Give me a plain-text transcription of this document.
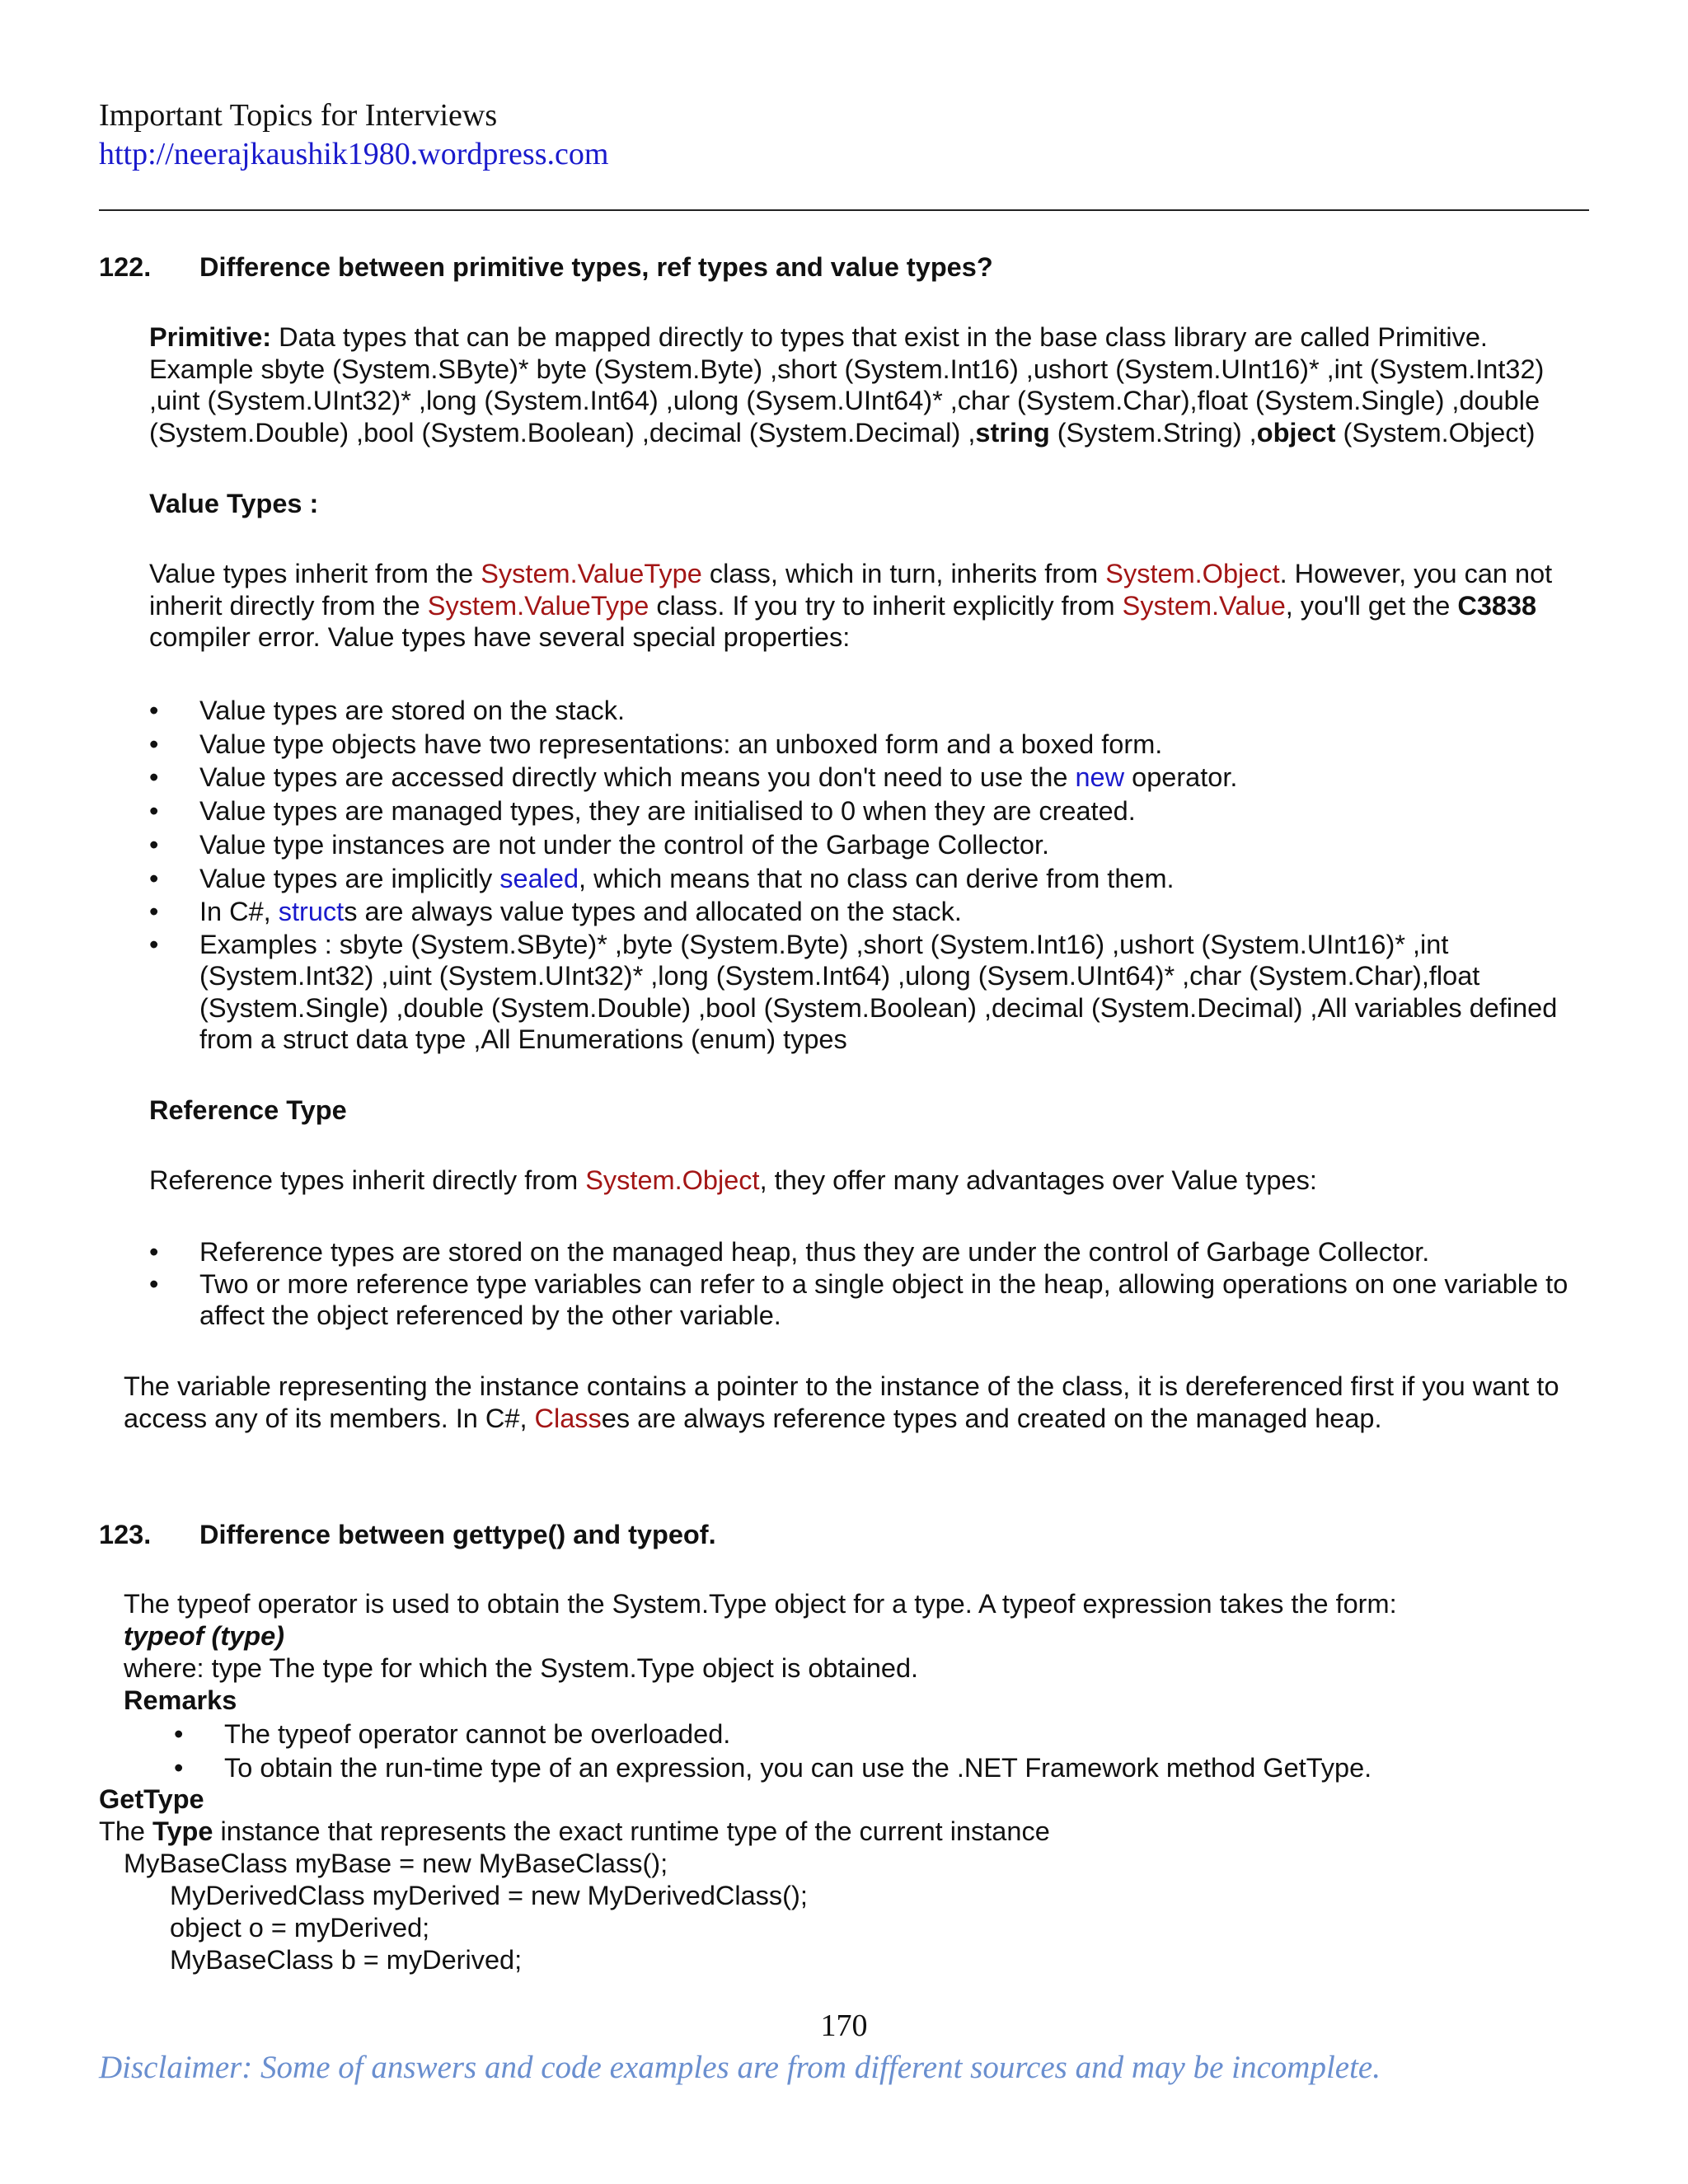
Important Topics for Interviews
http://neerajkaushik1980.wordpress.com
122. Difference between primitive types, ref types and value types?

Primitive: Data types that can be mapped directly to types that exist in the base class library are called Primitive. Example sbyte (System.SByte)* byte (System.Byte) ,short (System.Int16) ,ushort (System.UInt16)* ,int (System.Int32) ,uint (System.UInt32)* ,long (System.Int64) ,ulong (Sysem.UInt64)* ,char (System.Char),float (System.Single) ,double (System.Double) ,bool (System.Boolean) ,decimal (System.Decimal) ,string (System.String) ,object (System.Object)

Value Types :

Value types inherit from the System.ValueType class, which in turn, inherits from System.Object. However, you can not inherit directly from the System.ValueType class. If you try to inherit explicitly from System.Value, you'll get the C3838 compiler error. Value types have several special properties:

• Value types are stored on the stack.
• Value type objects have two representations: an unboxed form and a boxed form.
• Value types are accessed directly which means you don't need to use the new operator.
• Value types are managed types, they are initialised to 0 when they are created.
• Value type instances are not under the control of the Garbage Collector.
• Value types are implicitly sealed, which means that no class can derive from them.
• In C#, structs are always value types and allocated on the stack.
• Examples : sbyte (System.SByte)* ,byte (System.Byte) ,short (System.Int16) ,ushort (System.UInt16)* ,int (System.Int32) ,uint (System.UInt32)* ,long (System.Int64) ,ulong (Sysem.UInt64)* ,char (System.Char),float (System.Single) ,double (System.Double) ,bool (System.Boolean) ,decimal (System.Decimal) ,All variables defined from a struct data type ,All Enumerations (enum) types
Reference Type

Reference types inherit directly from System.Object, they offer many advantages over Value types:

• Reference types are stored on the managed heap, thus they are under the control of Garbage Collector.
• Two or more reference type variables can refer to a single object in the heap, allowing operations on one variable to affect the object referenced by the other variable.

The variable representing the instance contains a pointer to the instance of the class, it is dereferenced first if you want to access any of its members. In C#, Classes are always reference types and created on the managed heap.

123. Difference between gettype() and typeof.
The typeof operator is used to obtain the System.Type object for a type. A typeof expression takes the form:
typeof (type)
where: type The type for which the System.Type object is obtained.
Remarks
• The typeof operator cannot be overloaded.
• To obtain the run-time type of an expression, you can use the .NET Framework method GetType.
GetType
The Type instance that represents the exact runtime type of the current instance
MyBaseClass myBase = new MyBaseClass();
MyDerivedClass myDerived = new MyDerivedClass();
object o = myDerived;
MyBaseClass b = myDerived;
170
Disclaimer: Some of answers and code examples are from different sources and may be incomplete.
